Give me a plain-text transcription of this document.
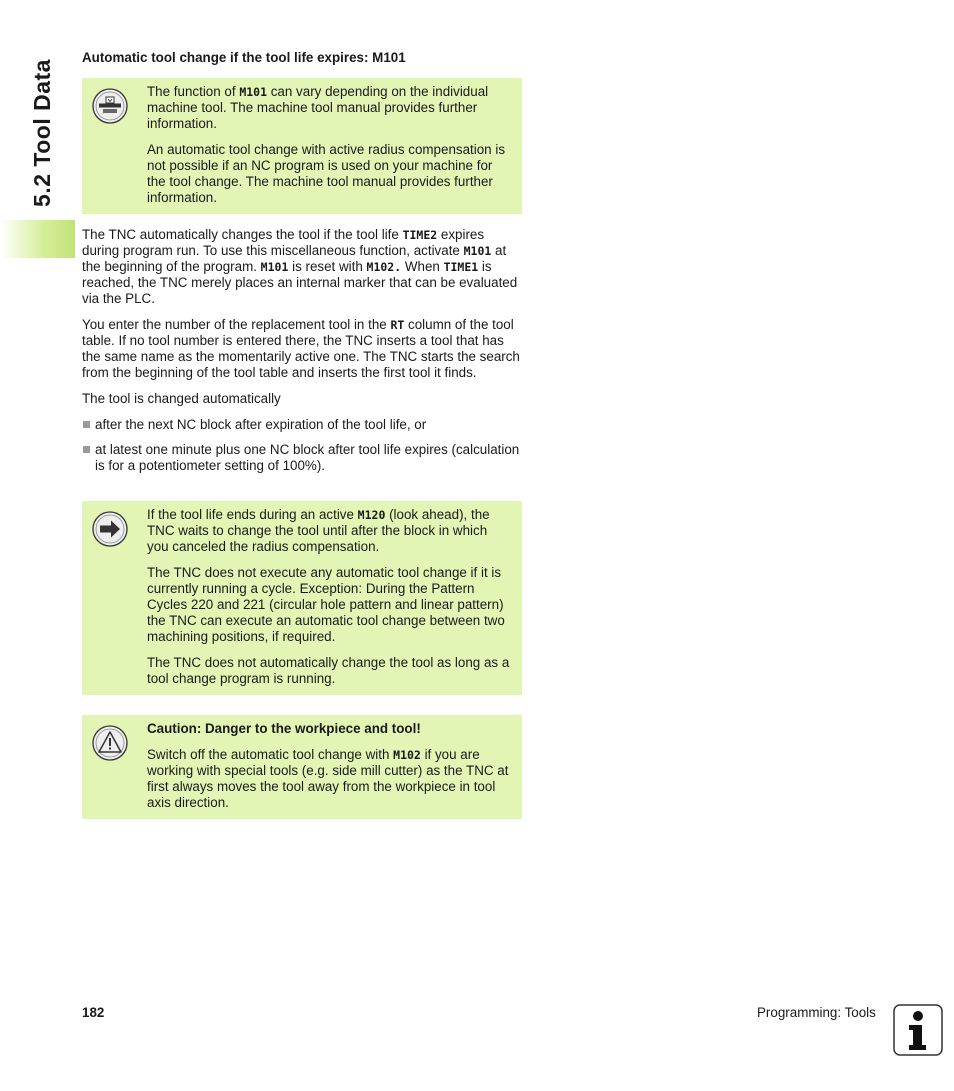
5.2 Tool Data
Automatic tool change if the tool life expires: M101

The function of M101 can vary depending on the individual machine tool. The machine tool manual provides further information.

An automatic tool change with active radius compensation is not possible if an NC program is used on your machine for the tool change. The machine tool manual provides further information.

The TNC automatically changes the tool if the tool life TIME2 expires during program run. To use this miscellaneous function, activate M101 at the beginning of the program. M101 is reset with M102. When TIME1 is reached, the TNC merely places an internal marker that can be evaluated via the PLC.

You enter the number of the replacement tool in the RT column of the tool table. If no tool number is entered there, the TNC inserts a tool that has the same name as the momentarily active one. The TNC starts the search from the beginning of the tool table and inserts the first tool it finds.

The tool is changed automatically

after the next NC block after expiration of the tool life, or
at latest one minute plus one NC block after tool life expires (calculation is for a potentiometer setting of 100%).

If the tool life ends during an active M120 (look ahead), the TNC waits to change the tool until after the block in which you canceled the radius compensation.

The TNC does not execute any automatic tool change if it is currently running a cycle. Exception: During the Pattern Cycles 220 and 221 (circular hole pattern and linear pattern) the TNC can execute an automatic tool change between two machining positions, if required.

The TNC does not automatically change the tool as long as a tool change program is running.

Caution: Danger to the workpiece and tool!

Switch off the automatic tool change with M102 if you are working with special tools (e.g. side mill cutter) as the TNC at first always moves the tool away from the workpiece in tool axis direction.

182	Programming: Tools
